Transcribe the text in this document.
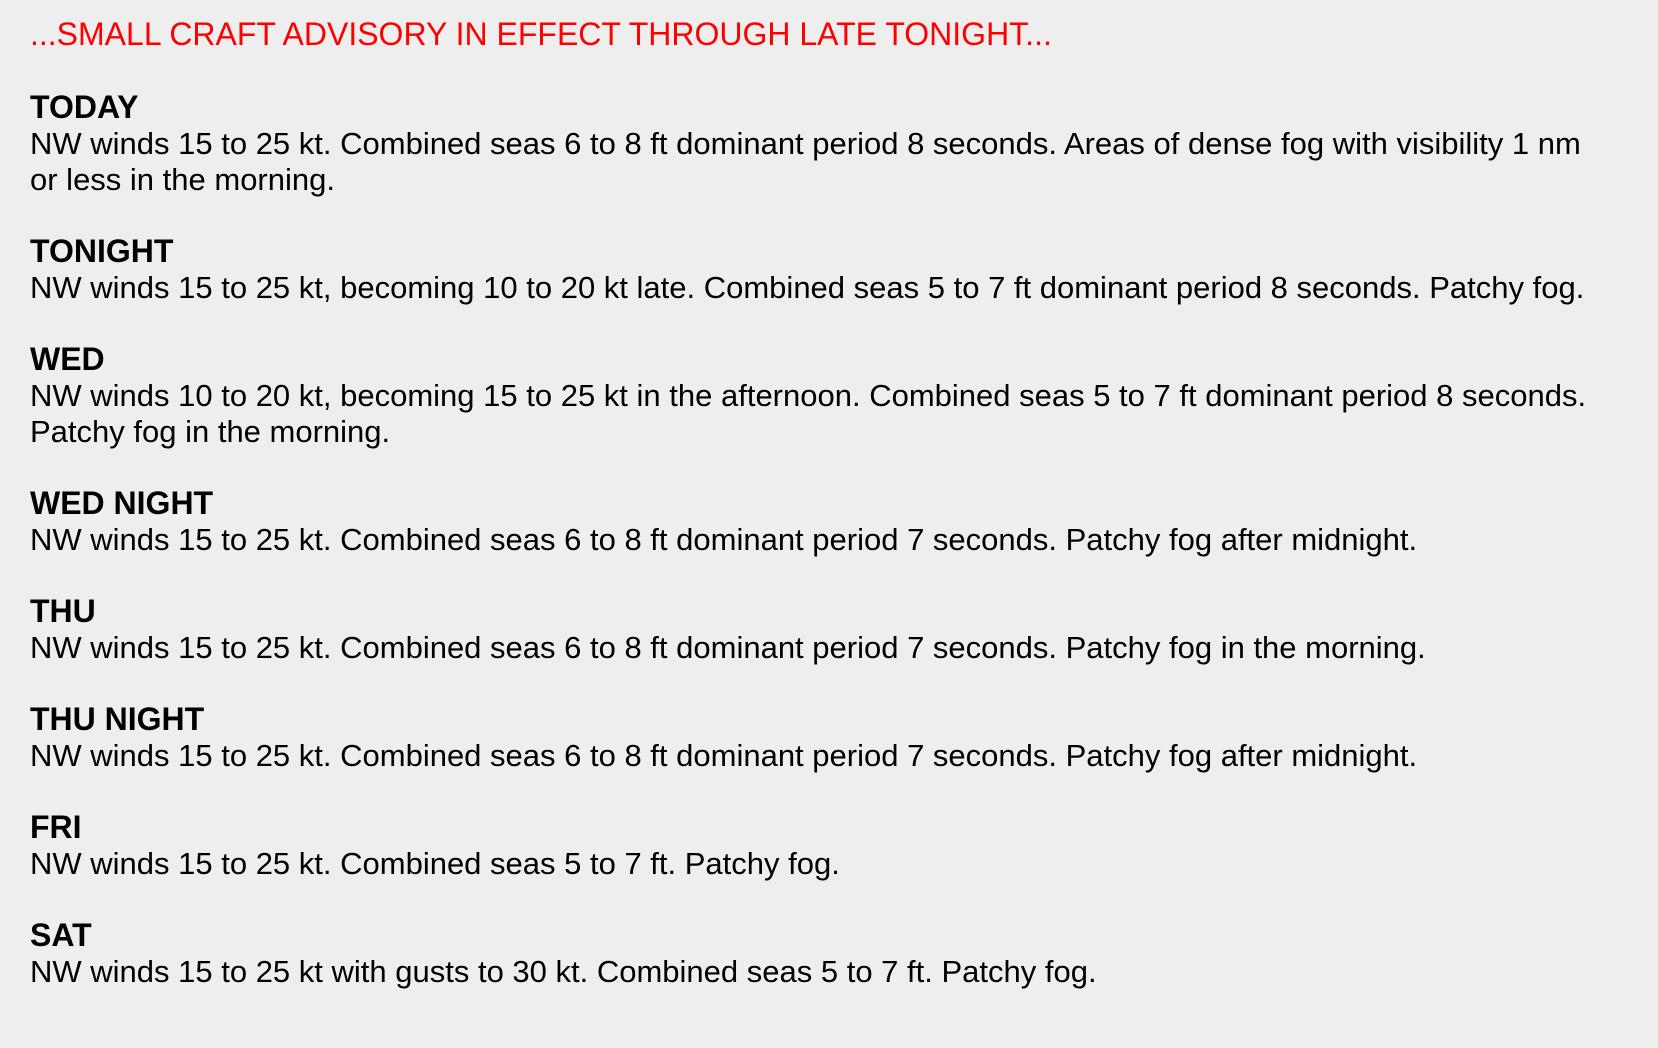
...SMALL CRAFT ADVISORY IN EFFECT THROUGH LATE TONIGHT...
TODAY
NW winds 15 to 25 kt. Combined seas 6 to 8 ft dominant period 8 seconds. Areas of dense fog with visibility 1 nm or less in the morning.
TONIGHT
NW winds 15 to 25 kt, becoming 10 to 20 kt late. Combined seas 5 to 7 ft dominant period 8 seconds. Patchy fog.
WED
NW winds 10 to 20 kt, becoming 15 to 25 kt in the afternoon. Combined seas 5 to 7 ft dominant period 8 seconds. Patchy fog in the morning.
WED NIGHT
NW winds 15 to 25 kt. Combined seas 6 to 8 ft dominant period 7 seconds. Patchy fog after midnight.
THU
NW winds 15 to 25 kt. Combined seas 6 to 8 ft dominant period 7 seconds. Patchy fog in the morning.
THU NIGHT
NW winds 15 to 25 kt. Combined seas 6 to 8 ft dominant period 7 seconds. Patchy fog after midnight.
FRI
NW winds 15 to 25 kt. Combined seas 5 to 7 ft. Patchy fog.
SAT
NW winds 15 to 25 kt with gusts to 30 kt. Combined seas 5 to 7 ft. Patchy fog.
